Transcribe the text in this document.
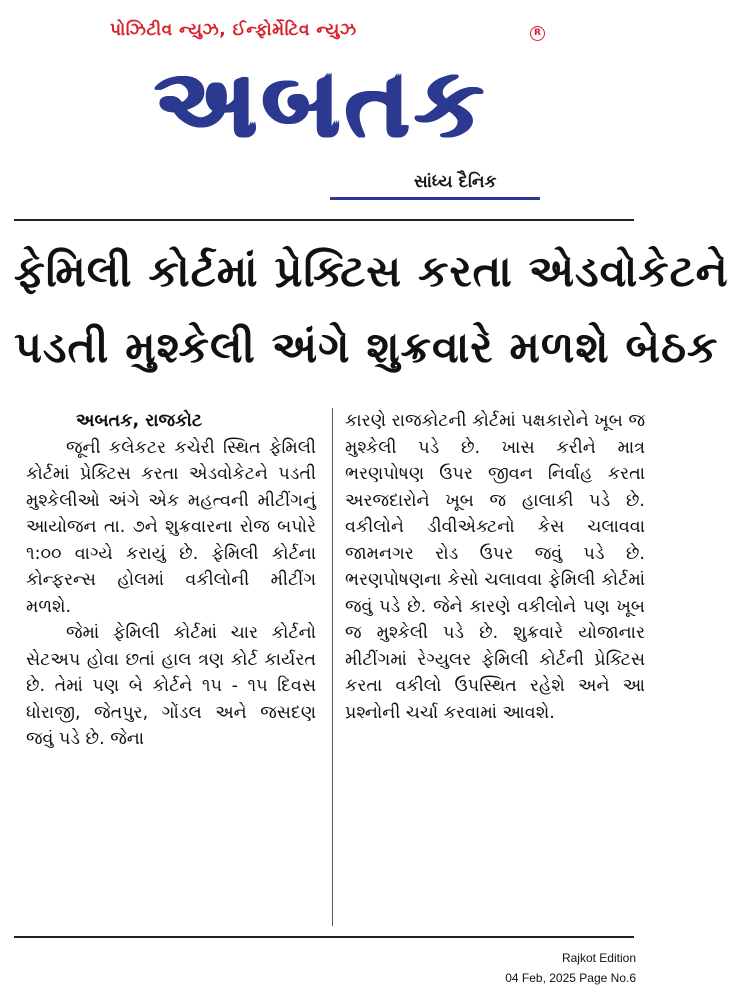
પોઝિટીવ ન્યુઝ, ઈન્ફોર્મેટિવ ન્યુઝ	R
અબતક
સાંધ્ય દૈનિક
ફેમિલી કોર્ટમાં પ્રેક્ટિસ કરતા એડવોકેટને
પડતી મુશ્કેલી અંગે શુક્રવારે મળશે બેઠક

અબતક, રાજકોટ

જૂની કલેકટર કચેરી સ્થિત ફેમિલી કોર્ટમાં પ્રેક્ટિસ કરતા એડવોકેટને પડતી મુશ્કેલીઓ અંગે એક મહત્વની મીટીંગનું આયોજન તા. ૭ને શુક્રવારના રોજ બપોરે ૧:૦૦ વાગ્યે કરાયું છે. ફેમિલી કોર્ટના કોન્ફરન્સ હોલમાં વકીલોની મીટીંગ મળશે.

જેમાં ફેમિલી કોર્ટમાં ચાર કોર્ટનો સેટઅપ હોવા છતાં હાલ ત્રણ કોર્ટ કાર્યરત છે. તેમાં પણ બે કોર્ટને ૧૫ - ૧૫ દિવસ ધોરાજી, જેતપુર, ગોંડલ અને જસદણ જવું પડે છે. જેના

કારણે રાજકોટની કોર્ટમાં પક્ષકારોને ખૂબ જ મુશ્કેલી પડે છે. ખાસ કરીને માત્ર ભરણપોષણ ઉપર જીવન નિર્વાહ કરતા અરજદારોને ખૂબ જ હાલાકી પડે છે. વકીલોને ડીવીએક્ટનો કેસ ચલાવવા જામનગર રોડ ઉપર જવું પડે છે. ભરણપોષણના કેસો ચલાવવા ફેમિલી કોર્ટમાં જવું પડે છે. જેને કારણે વકીલોને પણ ખૂબ જ મુશ્કેલી પડે છે. શુક્રવારે યોજાનાર મીટીંગમાં રેગ્યુલર ફેમિલી કોર્ટની પ્રેક્ટિસ કરતા વકીલો ઉપસ્થિત રહેશે અને આ પ્રશ્નોની ચર્ચા કરવામાં આવશે.

Rajkot Edition
04 Feb, 2025 Page No.6
